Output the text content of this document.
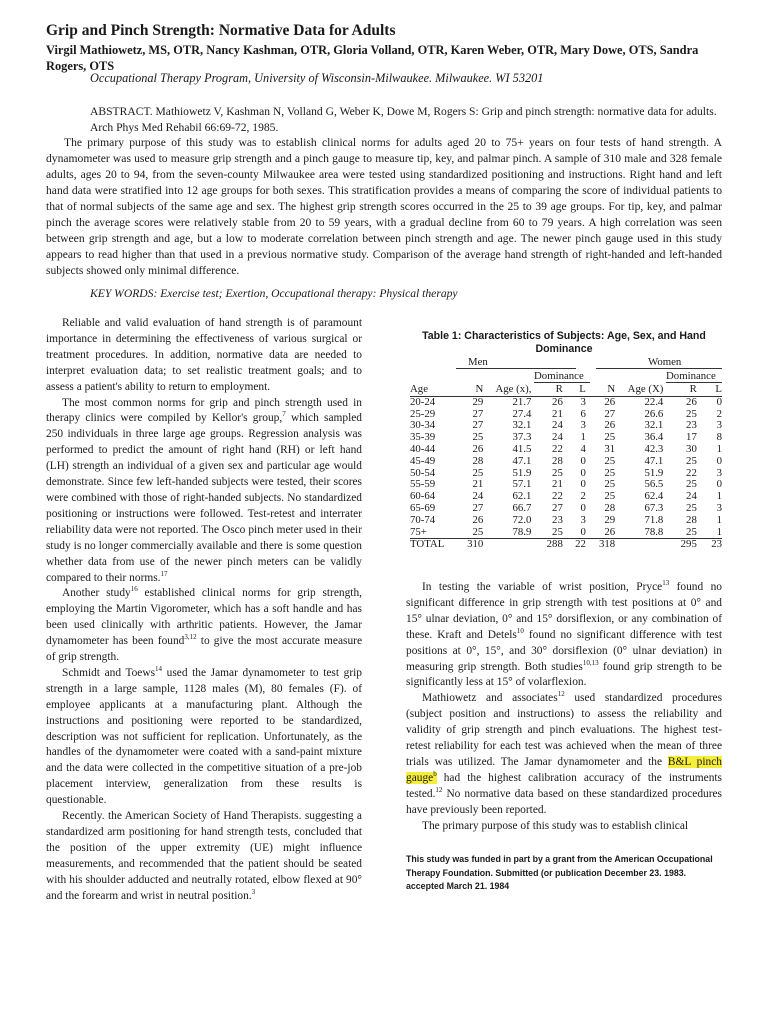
Grip and Pinch Strength: Normative Data for Adults
Virgil Mathiowetz, MS, OTR, Nancy Kashman, OTR, Gloria Volland, OTR, Karen Weber, OTR, Mary Dowe, OTS, Sandra Rogers, OTS
Occupational Therapy Program, University of Wisconsin-Milwaukee. Milwaukee. WI 53201
ABSTRACT. Mathiowetz V, Kashman N, Volland G, Weber K, Dowe M, Rogers S: Grip and pinch strength: normative data for adults. Arch Phys Med Rehabil 66:69-72, 1985.
The primary purpose of this study was to establish clinical norms for adults aged 20 to 75+ years on four tests of hand strength. A dynamometer was used to measure grip strength and a pinch gauge to measure tip, key, and palmar pinch. A sample of 310 male and 328 female adults, ages 20 to 94, from the seven-county Milwaukee area were tested using standardized positioning and instructions. Right hand and left hand data were stratified into 12 age groups for both sexes. This stratification provides a means of comparing the score of individual patients to that of normal subjects of the same age and sex. The highest grip strength scores occurred in the 25 to 39 age groups. For tip, key, and palmar pinch the average scores were relatively stable from 20 to 59 years, with a gradual decline from 60 to 79 years. A high correlation was seen between grip strength and age, but a low to moderate correlation between pinch strength and age. The newer pinch gauge used in this study appears to read higher than that used in a previous normative study. Comparison of the average hand strength of right-handed and left-handed subjects showed only minimal difference.
KEY WORDS: Exercise test; Exertion, Occupational therapy: Physical therapy

Reliable and valid evaluation of hand strength is of paramount importance in determining the effectiveness of various surgical or treatment procedures. In addition, normative data are needed to interpret evaluation data; to set realistic treatment goals; and to assess a patient's ability to return to employment.

The most common norms for grip and pinch strength used in therapy clinics were compiled by Kellor's group,$^7$ which sampled 250 individuals in three large age groups. Regression analysis was performed to predict the amount of right hand (RH) or left hand (LH) strength an individual of a given sex and particular age would demonstrate. Since few left-handed subjects were tested, their scores were combined with those of right-handed subjects. No standardized positioning or instructions were followed. Test-retest and interrater reliability data were not reported. The Osco pinch meter used in their study is no longer commercially available and there is some question whether data from use of the newer pinch meters can be validly compared to their norms.$^{17}$

Another study$^{16}$ established clinical norms for grip strength, employing the Martin Vigorometer, which has a soft handle and has been used clinically with arthritic patients. However, the Jamar dynamometer has been found$^{3,12}$ to give the most accurate measure of grip strength.

Schmidt and Toews$^{14}$ used the Jamar dynamometer to test grip strength in a large sample, 1128 males (M), 80 females (F). of employee applicants at a manufacturing plant. Although the instructions and positioning were reported to be standardized, description was not sufficient for replication. Unfortunately, as the handles of the dynamometer were coated with a sand-paint mixture and the data were collected in the competitive situation of a pre-job placement interview, generalization from these results is questionable.

Recently. the American Society of Hand Therapists. suggesting a standardized arm positioning for hand strength tests, concluded that the position of the upper extremity (UE) might influence measurements, and recommended that the patient should be seated with his shoulder adducted and neutrally rotated, elbow flexed at 90° and the forearm and wrist in neutral position.$^3$

Table 1: Characteristics of Subjects: Age, Sex, and Hand Dominance
Men	Women
Dominance	Dominance
Age	N	Age (x),	R	L	N	Age (X)	R	L
20-24	29	21.7	26	3	26	22.4	26	0
25-29	27	27.4	21	6	27	26.6	25	2
30-34	27	32.1	24	3	26	32.1	23	3
35-39	25	37.3	24	1	25	36.4	17	8
40-44	26	41.5	22	4	31	42.3	30	1
45-49	28	47.1	28	0	25	47.1	25	0
50-54	25	51.9	25	0	25	51.9	22	3
55-59	21	57.1	21	0	25	56.5	25	0
60-64	24	62.1	22	2	25	62.4	24	1
65-69	27	66.7	27	0	28	67.3	25	3
70-74	26	72.0	23	3	29	71.8	28	1
75+	25	78.9	25	0	26	78.8	25	1
TOTAL	310		288	22	318		295	23

In testing the variable of wrist position, Pryce$^{13}$ found no significant difference in grip strength with test positions at 0° and 15° ulnar deviation, 0° and 15° dorsiflexion, or any combination of these. Kraft and Detels$^{10}$ found no significant difference with test positions at 0°, 15°, and 30° dorsiflexion (0° ulnar deviation) in measuring grip strength. Both studies$^{10,13}$ found grip strength to be significantly less at 15° of volarflexion.

Mathiowetz and associates$^{12}$ used standardized procedures (subject position and instructions) to assess the reliability and validity of grip strength and pinch evaluations. The highest test-retest reliability for each test was achieved when the mean of three trials was utilized. The Jamar dynamometer and the B&L pinch gauge$^b$ had the highest calibration accuracy of the instruments tested.$^{12}$ No normative data based on these standardized procedures have previously been reported.

The primary purpose of this study was to establish clinical

This study was funded in part by a grant from the American Occupational Therapy Foundation. Submitted (or publication December 23. 1983. accepted March 21. 1984
